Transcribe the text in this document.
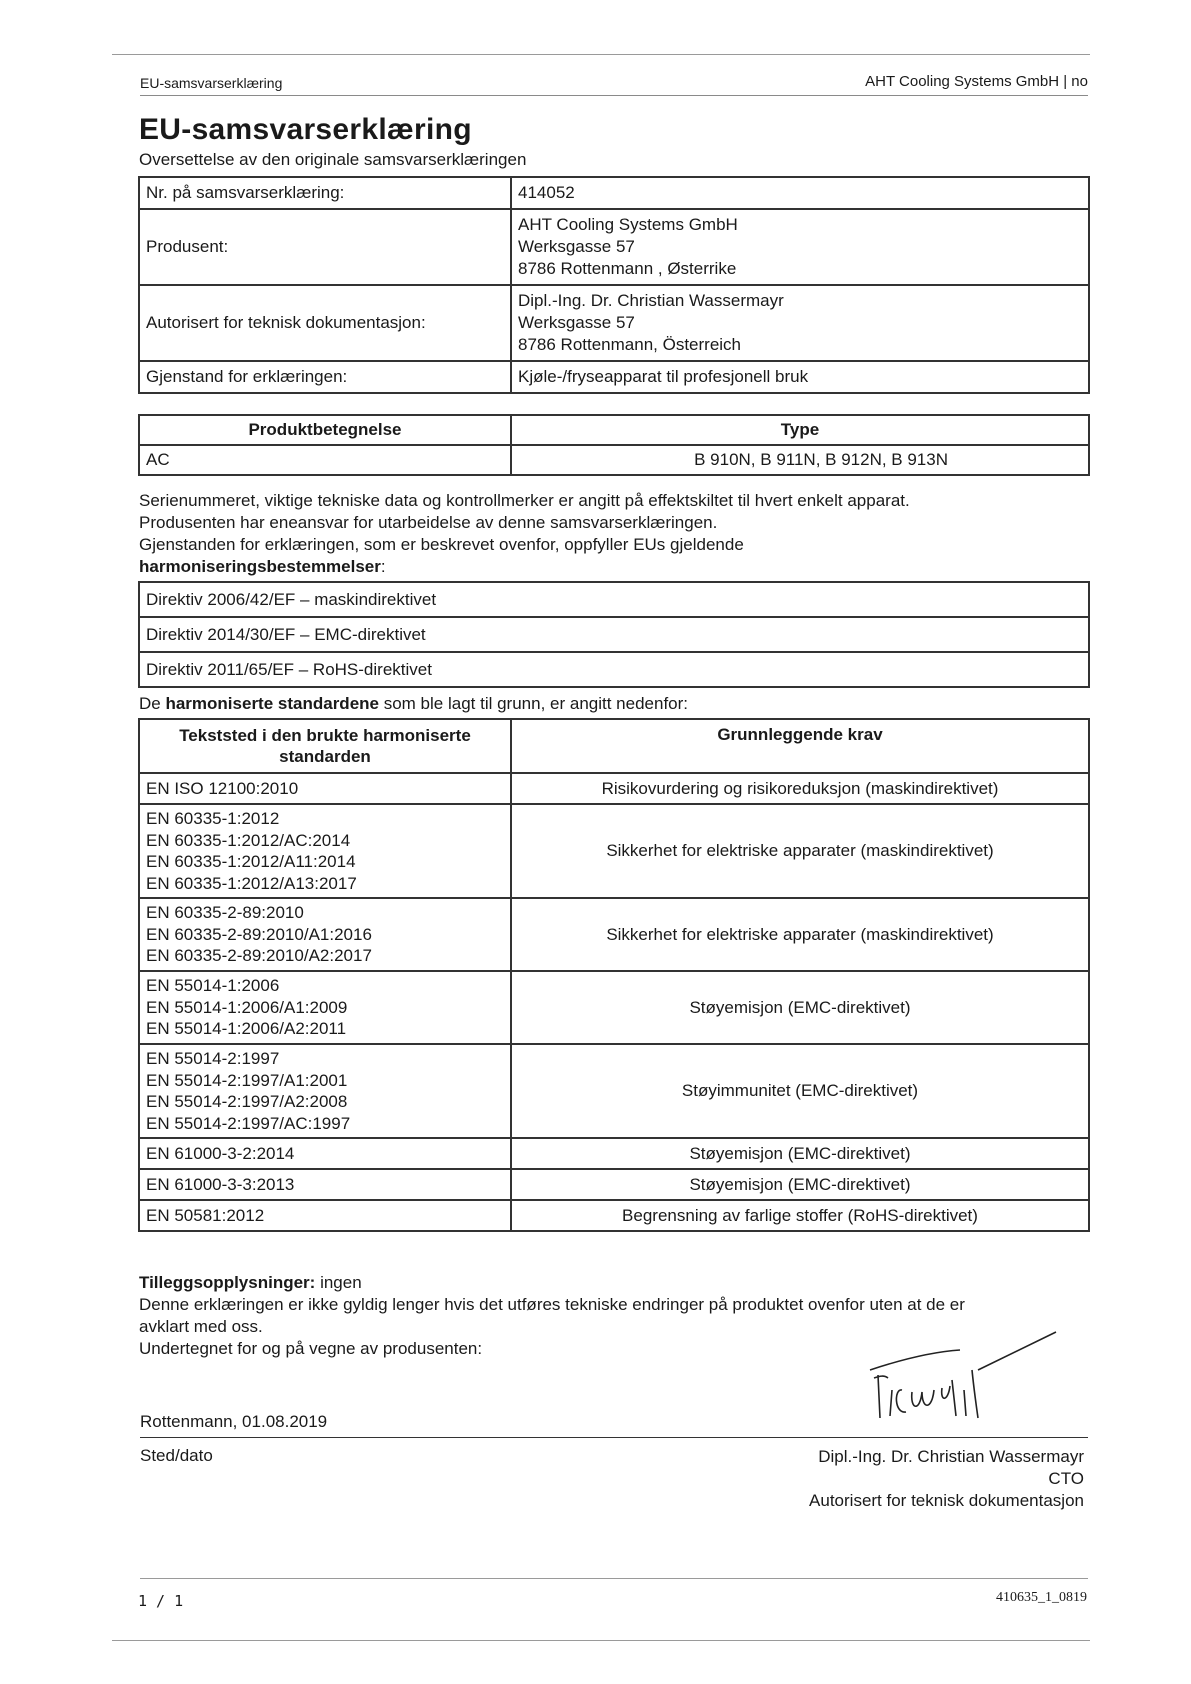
EU-samsvarserklæring	AHT Cooling Systems GmbH | no
EU-samsvarserklæring
Oversettelse av den originale samsvarserklæringen
Nr. på samsvarserklæring:	414052
Produsent:	AHT Cooling Systems GmbH
Werksgasse 57
8786 Rottenmann , Østerrike

Autorisert for teknisk dokumentasjon:	Dipl.-Ing. Dr. Christian Wassermayr
Werksgasse 57
8786 Rottenmann, Österreich

Gjenstand for erklæringen:	Kjøle-/fryseapparat til profesjonell bruk
Produktbetegnelse	Type
AC	B 910N, B 911N, B 912N, B 913N
Serienummeret, viktige tekniske data og kontrollmerker er angitt på effektskiltet til hvert enkelt apparat.
Produsenten har eneansvar for utarbeidelse av denne samsvarserklæringen.
Gjenstanden for erklæringen, som er beskrevet ovenfor, oppfyller EUs gjeldende
harmoniseringsbestemmelser:
Direktiv 2006/42/EF – maskindirektivet
Direktiv 2014/30/EF – EMC-direktivet
Direktiv 2011/65/EF – RoHS-direktivet
De harmoniserte standardene som ble lagt til grunn, er angitt nedenfor:
Tekststed i den brukte harmoniserte standarden	Grunnleggende krav

EN ISO 12100:2010	Risikovurdering og risikoreduksjon (maskindirektivet)

EN 60335-1:2012
EN 60335-1:2012/AC:2014
EN 60335-1:2012/A11:2014
EN 60335-1:2012/A13:2017	Sikkerhet for elektriske apparater (maskindirektivet)

EN 60335-2-89:2010
EN 60335-2-89:2010/A1:2016
EN 60335-2-89:2010/A2:2017	Sikkerhet for elektriske apparater (maskindirektivet)

EN 55014-1:2006
EN 55014-1:2006/A1:2009
EN 55014-1:2006/A2:2011	Støyemisjon (EMC-direktivet)

EN 55014-2:1997
EN 55014-2:1997/A1:2001
EN 55014-2:1997/A2:2008
EN 55014-2:1997/AC:1997	Støyimmunitet (EMC-direktivet)

EN 61000-3-2:2014	Støyemisjon (EMC-direktivet)

EN 61000-3-3:2013	Støyemisjon (EMC-direktivet)

EN 50581:2012	Begrensning av farlige stoffer (RoHS-direktivet)
Tilleggsopplysninger: ingen
Denne erklæringen er ikke gyldig lenger hvis det utføres tekniske endringer på produktet ovenfor uten at de er
avklart med oss.
Undertegnet for og på vegne av produsenten:
Rottenmann, 01.08.2019
Sted/dato	Dipl.-Ing. Dr. Christian Wassermayr
CTO
Autorisert for teknisk dokumentasjon
1 / 1	410635_1_0819
